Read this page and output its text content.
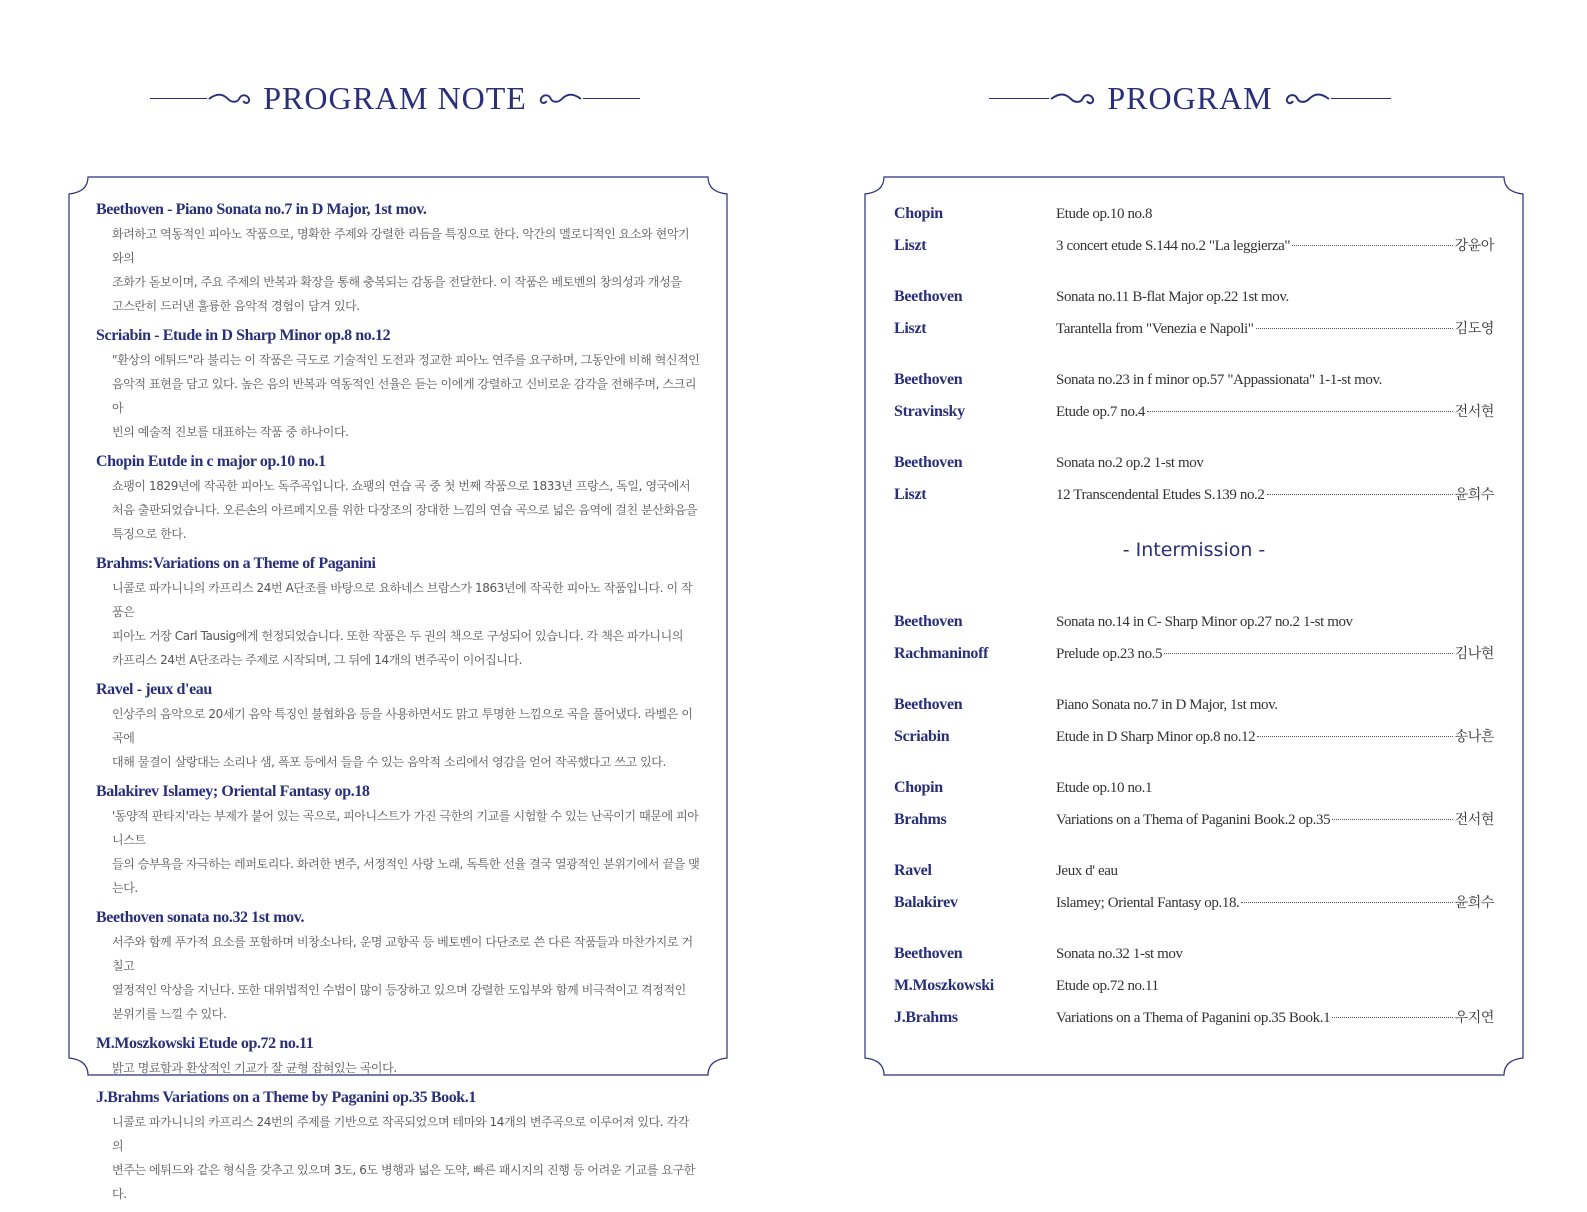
PROGRAM NOTE	PROGRAM
Beethoven - Piano Sonata no.7 in D Major, 1st mov.
화려하고 역동적인 피아노 작품으로, 명확한 주제와 강렬한 리듬을 특징으로 한다. 악간의 멜로디적인 요소와 현악기와의
조화가 돋보이며, 주요 주제의 반복과 확장을 통해 충복되는 감동을 전달한다. 이 작품은 베토벤의 창의성과 개성을
고스란히 드러낸 훌륭한 음악적 경험이 담겨 있다.
Scriabin - Etude in D Sharp Minor op.8 no.12
"환상의 에튀드"라 불리는 이 작품은 극도로 기술적인 도전과 정교한 피아노 연주를 요구하며, 그동안에 비해 혁신적인
음악적 표현을 담고 있다. 높은 음의 반복과 역동적인 선율은 듣는 이에게 강렬하고 신비로운 감각을 전해주며, 스크리아
빈의 예술적 진보를 대표하는 작품 중 하나이다.
Chopin Eutde in c major op.10 no.1
쇼팽이 1829년에 작곡한 피아노 독주곡입니다. 쇼팽의 연습 곡 중 첫 번째 작품으로 1833년 프랑스, 독일, 영국에서
처음 출판되었습니다. 오른손의 아르페지오를 위한 다장조의 장대한 느낌의 연습 곡으로 넓은 음역에 걸친 분산화음을
특징으로 한다.
Brahms:Variations on a Theme of Paganini
니콜로 파가니니의 카프리스 24번 A단조를 바탕으로 요하네스 브람스가 1863년에 작곡한 피아노 작품입니다. 이 작품은
피아노 거장 Carl Tausig에게 헌정되었습니다. 또한 작품은 두 권의 책으로 구성되어 있습니다. 각 책은 파가니니의
카프리스 24번 A단조라는 주제로 시작되며, 그 뒤에 14개의 변주곡이 이어집니다.
Ravel - jeux d'eau
인상주의 음악으로 20세기 음악 특징인 불협화음 등을 사용하면서도 맑고 투명한 느낌으로 곡을 풀어냈다. 라벨은 이 곡에
대해 물결이 살랑대는 소리나 샘, 폭포 등에서 들을 수 있는 음악적 소리에서 영감을 얻어 작곡했다고 쓰고 있다.
Balakirev Islamey; Oriental Fantasy op.18
'동양적 판타지'라는 부제가 붙어 있는 곡으로, 피아니스트가 가진 극한의 기교를 시험할 수 있는 난곡이기 때문에 피아니스트
들의 승부욕을 자극하는 레퍼토리다. 화려한 변주, 서정적인 사랑 노래, 독특한 선율 결국 열광적인 분위기에서 끝을 맺는다.
Beethoven sonata no.32 1st mov.
서주와 함께 푸가적 요소를 포함하며 비창소나타, 운명 교향곡 등 베토벤이 다단조로 쓴 다른 작품들과 마찬가지로 거칠고
열정적인 악상을 지닌다. 또한 대위법적인 수법이 많이 등장하고 있으며 강렬한 도입부와 함께 비극적이고 격정적인
분위기를 느낄 수 있다.
M.Moszkowski Etude op.72 no.11
밝고 명료함과 환상적인 기교가 잘 균형 잡혀있는 곡이다.
J.Brahms Variations on a Theme by Paganini op.35 Book.1
니콜로 파가니니의 카프리스 24번의 주제를 기반으로 작곡되었으며 테마와 14개의 변주곡으로 이루어져 있다. 각각의
변주는 에튀드와 같은 형식을 갖추고 있으며 3도, 6도 병행과 넓은 도약, 빠른 패시지의 진행 등 어려운 기교를 요구한다.
Chopin	Etude op.10 no.8
Liszt	3 concert etude S.144 no.2 "La leggierza"	강윤아
Beethoven	Sonata no.11 B-flat Major op.22 1st mov.
Liszt	Tarantella from "Venezia e Napoli"	김도영
Beethoven	Sonata no.23 in f minor op.57 "Appassionata" 1-1-st mov.
Stravinsky	Etude op.7 no.4	전서현
Beethoven	Sonata no.2 op.2 1-st mov
Liszt	12 Transcendental Etudes S.139 no.2	윤희수
- Intermission -
Beethoven	Sonata no.14 in C- Sharp Minor op.27 no.2 1-st mov
Rachmaninoff	Prelude op.23 no.5	김나현
Beethoven	Piano Sonata no.7 in D Major, 1st mov.
Scriabin	Etude in D Sharp Minor op.8 no.12	송나흔
Chopin	Etude op.10 no.1
Brahms	Variations on a Thema of Paganini Book.2 op.35	전서현
Ravel	Jeux d' eau
Balakirev	Islamey; Oriental Fantasy op.18.	윤희수
Beethoven	Sonata no.32 1-st mov
M.Moszkowski	Etude op.72 no.11
J.Brahms	Variations on a Thema of Paganini op.35 Book.1	우지연
